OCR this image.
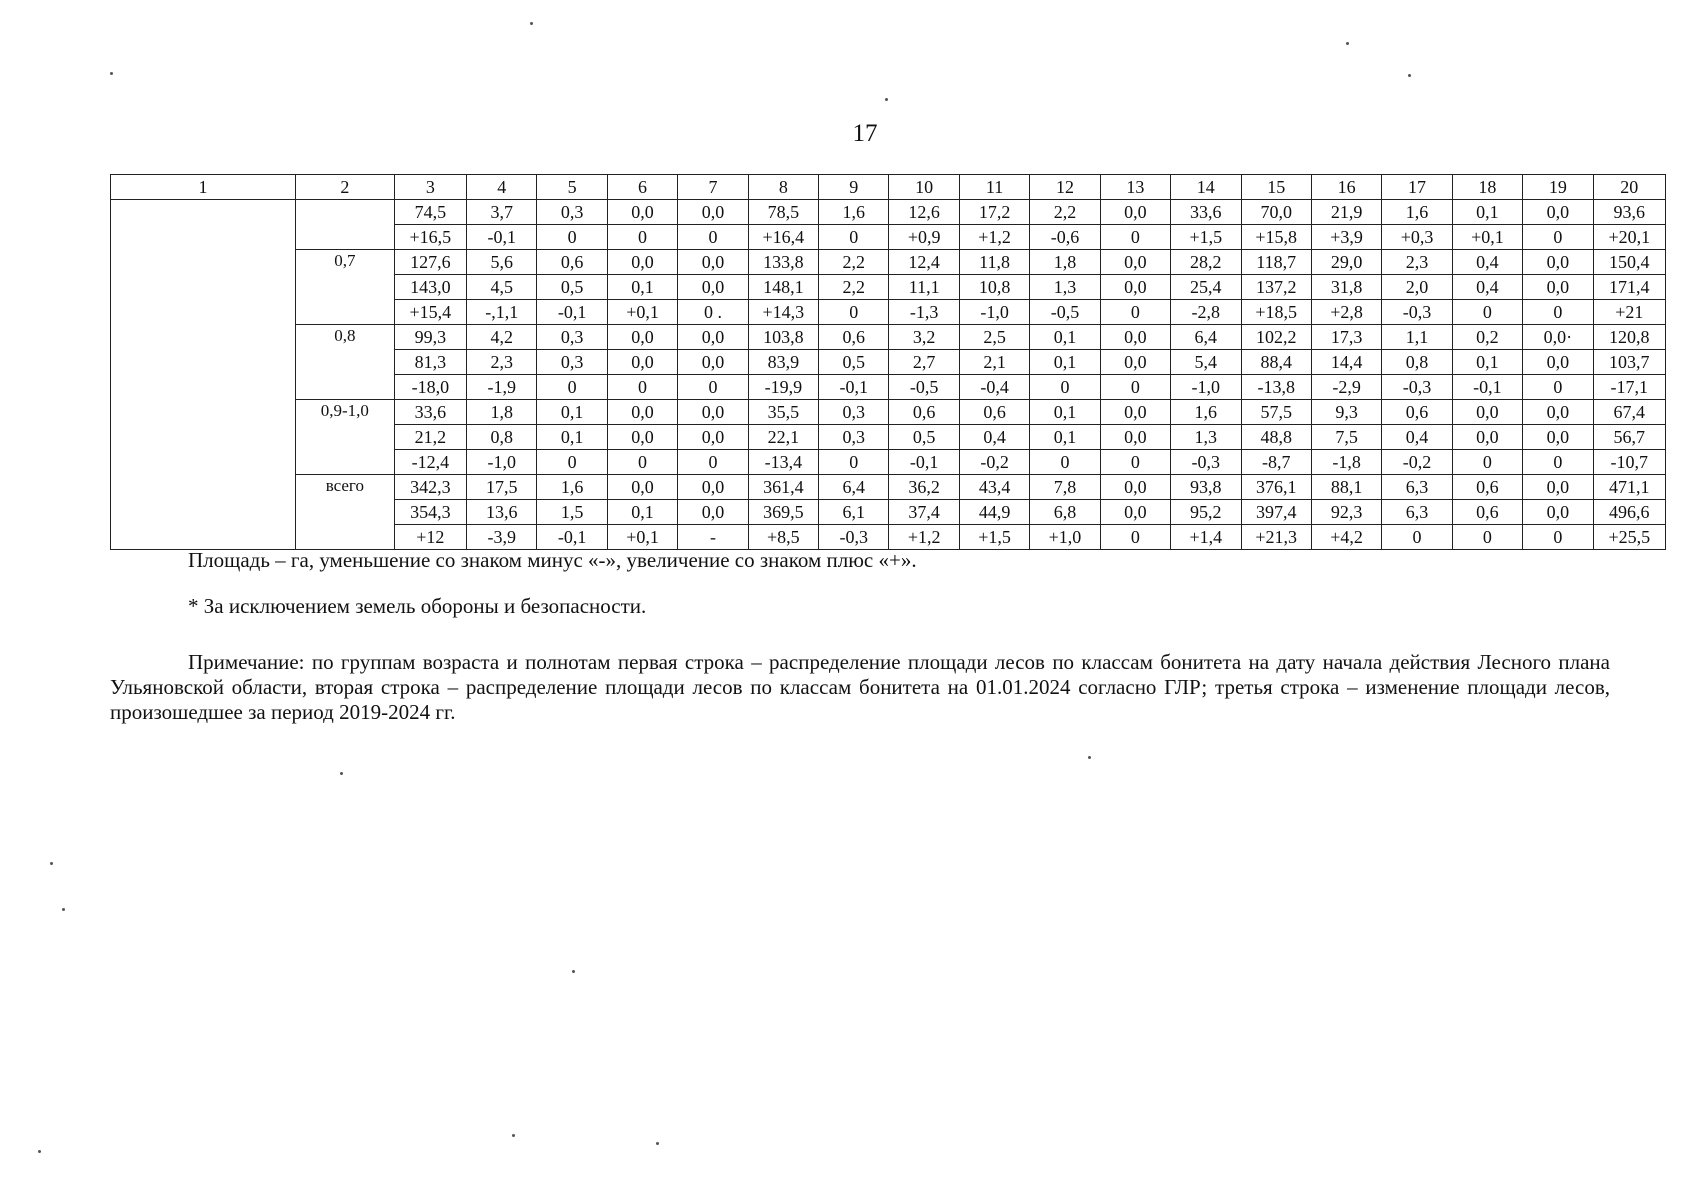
17
1	2	3	4	5	6	7	8	9	10	11	12	13	14	15	16	17	18	19	20
		74,5	3,7	0,3	0,0	0,0	78,5	1,6	12,6	17,2	2,2	0,0	33,6	70,0	21,9	1,6	0,1	0,0	93,6
		+16,5	-0,1	0	0	0	+16,4	0	+0,9	+1,2	-0,6	0	+1,5	+15,8	+3,9	+0,3	+0,1	0	+20,1
	0,7	127,6	5,6	0,6	0,0	0,0	133,8	2,2	12,4	11,8	1,8	0,0	28,2	118,7	29,0	2,3	0,4	0,0	150,4
		143,0	4,5	0,5	0,1	0,0	148,1	2,2	11,1	10,8	1,3	0,0	25,4	137,2	31,8	2,0	0,4	0,0	171,4
		+15,4	-,1,1	-0,1	+0,1	0 .	+14,3	0	-1,3	-1,0	-0,5	0	-2,8	+18,5	+2,8	-0,3	0	0	+21
	0,8	99,3	4,2	0,3	0,0	0,0	103,8	0,6	3,2	2,5	0,1	0,0	6,4	102,2	17,3	1,1	0,2	0,0·	120,8
		81,3	2,3	0,3	0,0	0,0	83,9	0,5	2,7	2,1	0,1	0,0	5,4	88,4	14,4	0,8	0,1	0,0	103,7
		-18,0	-1,9	0	0	0	-19,9	-0,1	-0,5	-0,4	0	0	-1,0	-13,8	-2,9	-0,3	-0,1	0	-17,1
	0,9-1,0	33,6	1,8	0,1	0,0	0,0	35,5	0,3	0,6	0,6	0,1	0,0	1,6	57,5	9,3	0,6	0,0	0,0	67,4
		21,2	0,8	0,1	0,0	0,0	22,1	0,3	0,5	0,4	0,1	0,0	1,3	48,8	7,5	0,4	0,0	0,0	56,7
		-12,4	-1,0	0	0	0	-13,4	0	-0,1	-0,2	0	0	-0,3	-8,7	-1,8	-0,2	0	0	-10,7
	всего	342,3	17,5	1,6	0,0	0,0	361,4	6,4	36,2	43,4	7,8	0,0	93,8	376,1	88,1	6,3	0,6	0,0	471,1
		354,3	13,6	1,5	0,1	0,0	369,5	6,1	37,4	44,9	6,8	0,0	95,2	397,4	92,3	6,3	0,6	0,0	496,6
		+12	-3,9	-0,1	+0,1	-	+8,5	-0,3	+1,2	+1,5	+1,0	0	+1,4	+21,3	+4,2	0	0	0	+25,5
Площадь – га, уменьшение со знаком минус «-», увеличение со знаком плюс «+».
* За исключением земель обороны и безопасности.
Примечание: по группам возраста и полнотам первая строка – распределение площади лесов по классам бонитета на дату начала действия Лесного плана Ульяновской области, вторая строка – распределение площади лесов по классам бонитета на 01.01.2024 согласно ГЛР; третья строка – изменение площади лесов, произошедшее за период 2019-2024 гг.
